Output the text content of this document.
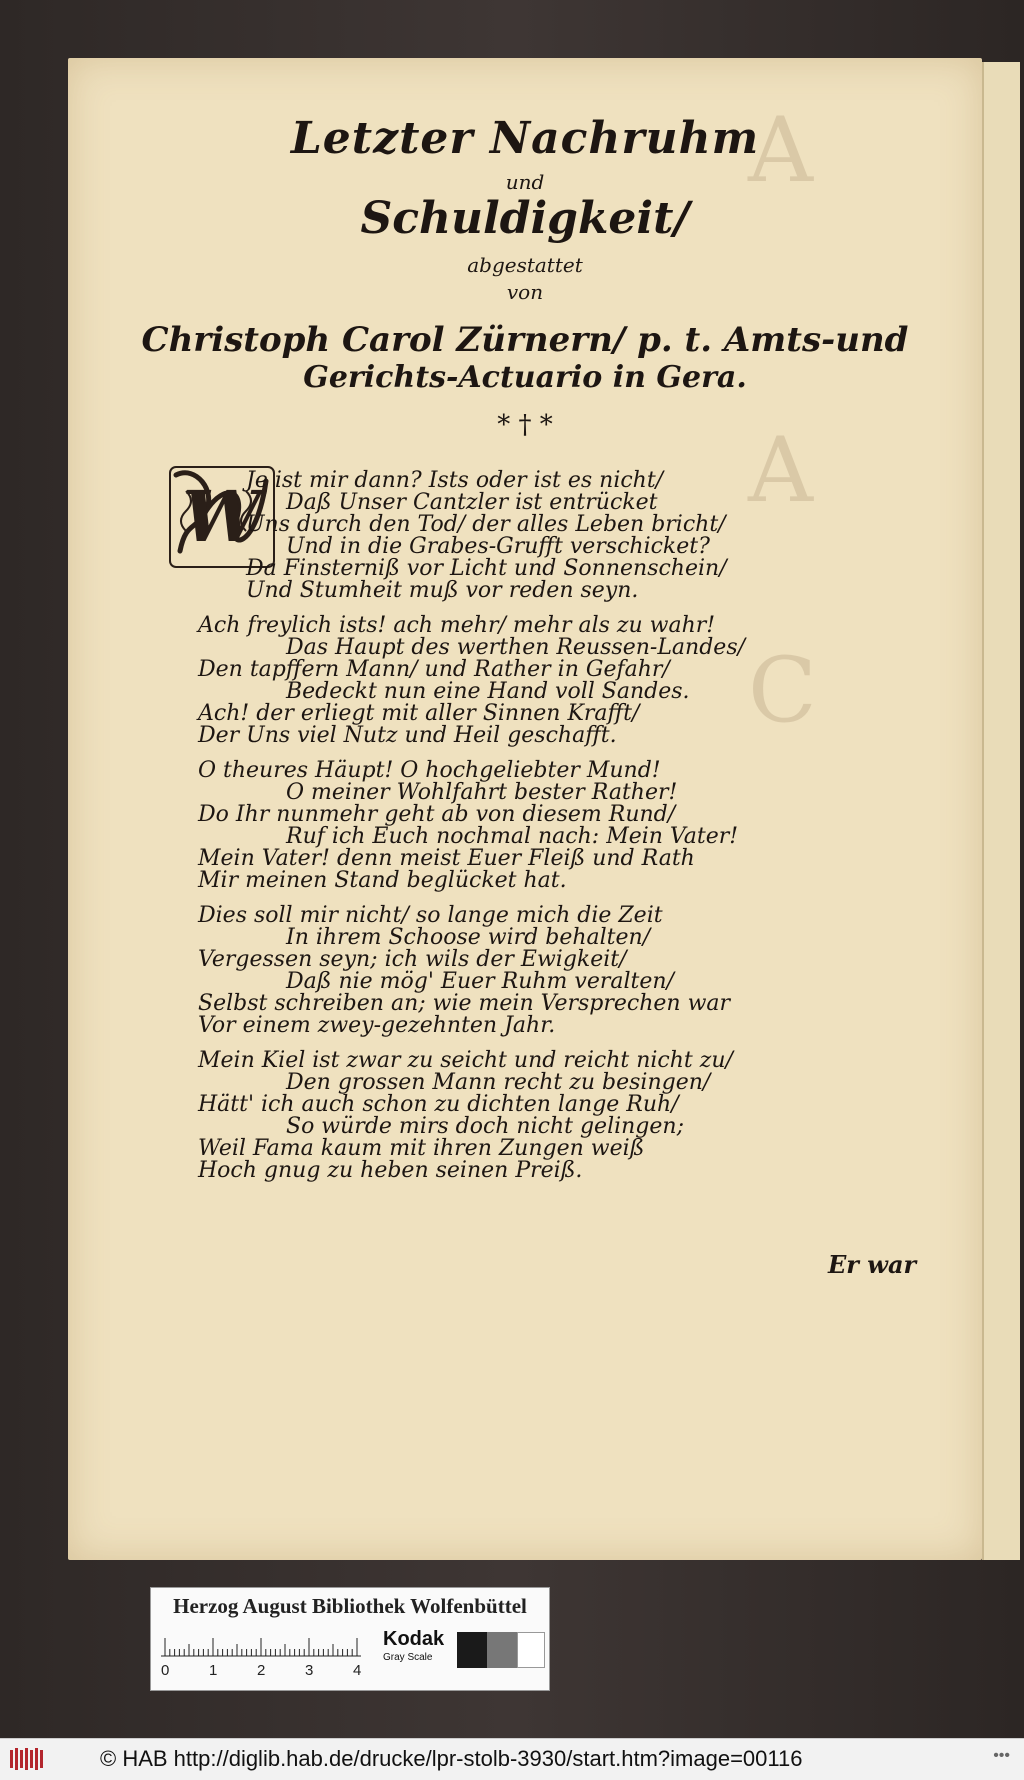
A
A
C
Letzter Nachruhm
und
Schuldigkeit/
abgestattet
von
Christoph Carol Zürnern/ p. t. Amts-und
Gerichts-Actuario in Gera.
* † *
W
Je ist mir dann? Ists oder ist es nicht/
Daß Unser Cantzler ist entrücket
Uns durch den Tod/ der alles Leben bricht/
Und in die Grabes-Grufft verschicket?
Da Finsterniß vor Licht und Sonnenschein/
Und Stumheit muß vor reden seyn.
Ach freylich ists! ach mehr/ mehr als zu wahr!
Das Haupt des werthen Reussen-Landes/
Den tapffern Mann/ und Rather in Gefahr/
Bedeckt nun eine Hand voll Sandes.
Ach! der erliegt mit aller Sinnen Krafft/
Der Uns viel Nutz und Heil geschafft.
O theures Häupt! O hochgeliebter Mund!
O meiner Wohlfahrt bester Rather!
Do Ihr nunmehr geht ab von diesem Rund/
Ruf ich Euch nochmal nach: Mein Vater!
Mein Vater! denn meist Euer Fleiß und Rath
Mir meinen Stand beglücket hat.
Dies soll mir nicht/ so lange mich die Zeit
In ihrem Schoose wird behalten/
Vergessen seyn; ich wils der Ewigkeit/
Daß nie mög' Euer Ruhm veralten/
Selbst schreiben an; wie mein Versprechen war
Vor einem zwey-gezehnten Jahr.
Mein Kiel ist zwar zu seicht und reicht nicht zu/
Den grossen Mann recht zu besingen/
Hätt' ich auch schon zu dichten lange Ruh/
So würde mirs doch nicht gelingen;
Weil Fama kaum mit ihren Zungen weiß
Hoch gnug zu heben seinen Preiß.
Er war
Herzog August Bibliothek Wolfenbüttel
0	1	2	3	4
Kodak
Gray Scale
© HAB http://diglib.hab.de/drucke/lpr-stolb-3930/start.htm?image=00116	•••
